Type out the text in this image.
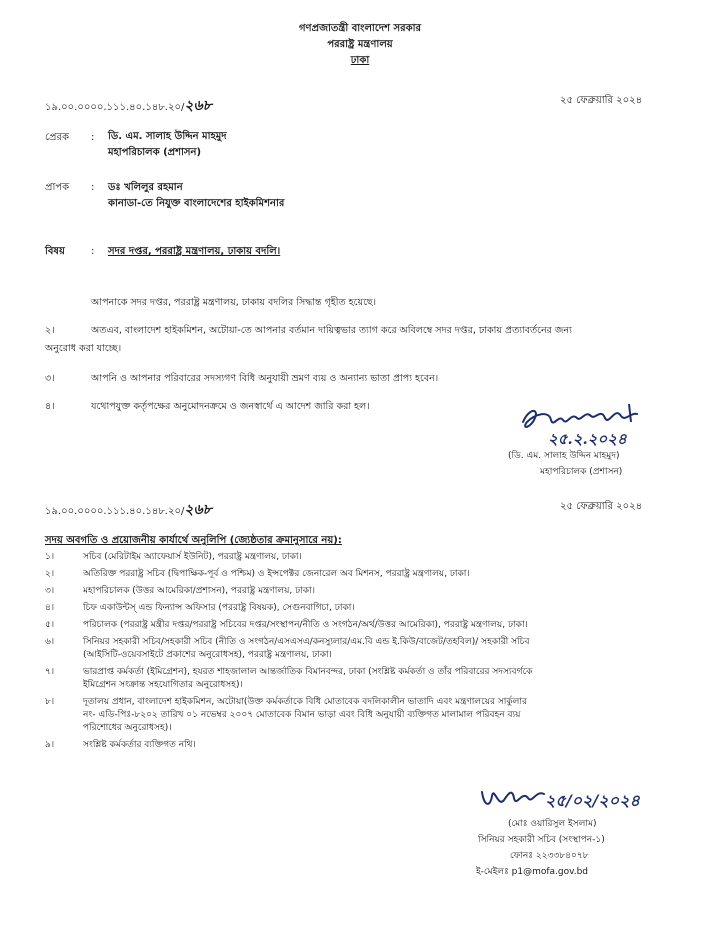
গণপ্রজাতন্ত্রী বাংলাদেশ সরকার
পররাষ্ট্র মন্ত্রণালয়
ঢাকা
১৯.০০.০০০০.১১১.৪০.১৪৮.২০/২৬৮	২৫ ফেব্রুয়ারি ২০২৪
প্রেরক : ডি. এম. সালাহ উদ্দিন মাহমুদ
মহাপরিচালক (প্রশাসন)
প্রাপক : ডঃ খলিলুর রহমান
কানাডা-তে নিযুক্ত বাংলাদেশের হাইকমিশনার
বিষয়	: সদর দপ্তর, পররাষ্ট্র মন্ত্রণালয়, ঢাকায় বদলি।
আপনাকে সদর দপ্তর, পররাষ্ট্র মন্ত্রণালয়, ঢাকায় বদলির সিদ্ধান্ত গৃহীত হয়েছে।
২।	অতএব, বাংলাদেশ হাইকমিশন, অটোয়া-তে আপনার বর্তমান দায়িত্বভার ত্যাগ করে অবিলম্বে সদর দপ্তর, ঢাকায় প্রত্যাবর্তনের জন্য
অনুরোধ করা যাচ্ছে।
৩।	আপনি ও আপনার পরিবারের সদস্যগণ বিধি অনুযায়ী ভ্রমণ ব্যয় ও অন্যান্য ভাতা প্রাপ্য হবেন।
৪।	যথোপযুক্ত কর্তৃপক্ষের অনুমোদনক্রমে ও জনস্বার্থে এ আদেশ জারি করা হল।
২৫.২.২০২৪
(ডি. এম. সালাহ উদ্দিন মাহমুদ)
মহাপরিচালক (প্রশাসন)
১৯.০০.০০০০.১১১.৪০.১৪৮.২০/২৬৮	২৫ ফেব্রুয়ারি ২০২৪
সদয় অবগতি ও প্রয়োজনীয় কার্যার্থে অনুলিপি (জ্যেষ্ঠতার ক্রমানুসারে নয়):
১।	সচিব (মেরিটাইম অ্যাফেয়ার্স ইউনিট), পররাষ্ট্র মন্ত্রণালয়, ঢাকা।
২।	অতিরিক্ত পররাষ্ট্র সচিব (দ্বিপাক্ষিক-পূর্ব ও পশ্চিম) ও ইন্সপেক্টর জেনারেল অব মিশনস, পররাষ্ট্র মন্ত্রণালয়, ঢাকা।
৩।	মহাপরিচালক (উত্তর আমেরিকা/প্রশাসন), পররাষ্ট্র মন্ত্রণালয়, ঢাকা।
৪।	চিফ একাউন্টস্ এন্ড ফিন্যান্স অফিসার (পররাষ্ট্র বিষয়ক), সেগুনবাগিচা, ঢাকা।
৫।	পরিচালক (পররাষ্ট্র মন্ত্রীর দপ্তর/পররাষ্ট্র সচিবের দপ্তর/সংস্থাপন/নীতি ও সংগঠন/অর্থ/উত্তর আমেরিকা), পররাষ্ট্র মন্ত্রণালয়, ঢাকা।
৬।	সিনিয়র সহকারী সচিব/সহকারী সচিব (নীতি ও সংগঠন/এসএসএ/কনস্যুলার/এম.বি এন্ড ই.কিউ/বাজেট/তহবিল)/ সহকারী সচিব
(আইসিটি-ওয়েবসাইটে প্রকাশের অনুরোধসহ), পররাষ্ট্র মন্ত্রণালয়, ঢাকা।
৭।	ভারপ্রাপ্ত কর্মকর্তা (ইমিগ্রেশন), হযরত শাহজালাল আন্তর্জাতিক বিমানবন্দর, ঢাকা (সংশ্লিষ্ট কর্মকর্তা ও তাঁর পরিবারের সদস্যবর্গকে
ইমিগ্রেশন সংক্রান্ত সহযোগিতার অনুরোধসহ)।
৮।	দূতালয় প্রধান, বাংলাদেশ হাইকমিশন, অটোয়া(উক্ত কর্মকর্তাকে বিধি মোতাবেক বদলিকালীন ভাতাদি এবং মন্ত্রণালয়ের সার্কুলার
নং- এডি-পিঃ-৮২০২ তারিখ ০১ নভেম্বর ২০০৭ মোতাবেক বিমান ভাড়া এবং বিধি অনুযায়ী ব্যক্তিগত মালামাল পরিবহন ব্যয়
পরিশোধের অনুরোধসহ)।
৯।	সংশ্লিষ্ট কর্মকর্তার ব্যক্তিগত নথি।
২৫/০২/২০২৪
(মোঃ ওয়ারিসুল ইসলাম)
সিনিয়র সহকারী সচিব (সংস্থাপন-১)
ফোনঃ ২২৩৩৮৪০৭৮
ই-মেইলঃ p1@mofa.gov.bd
